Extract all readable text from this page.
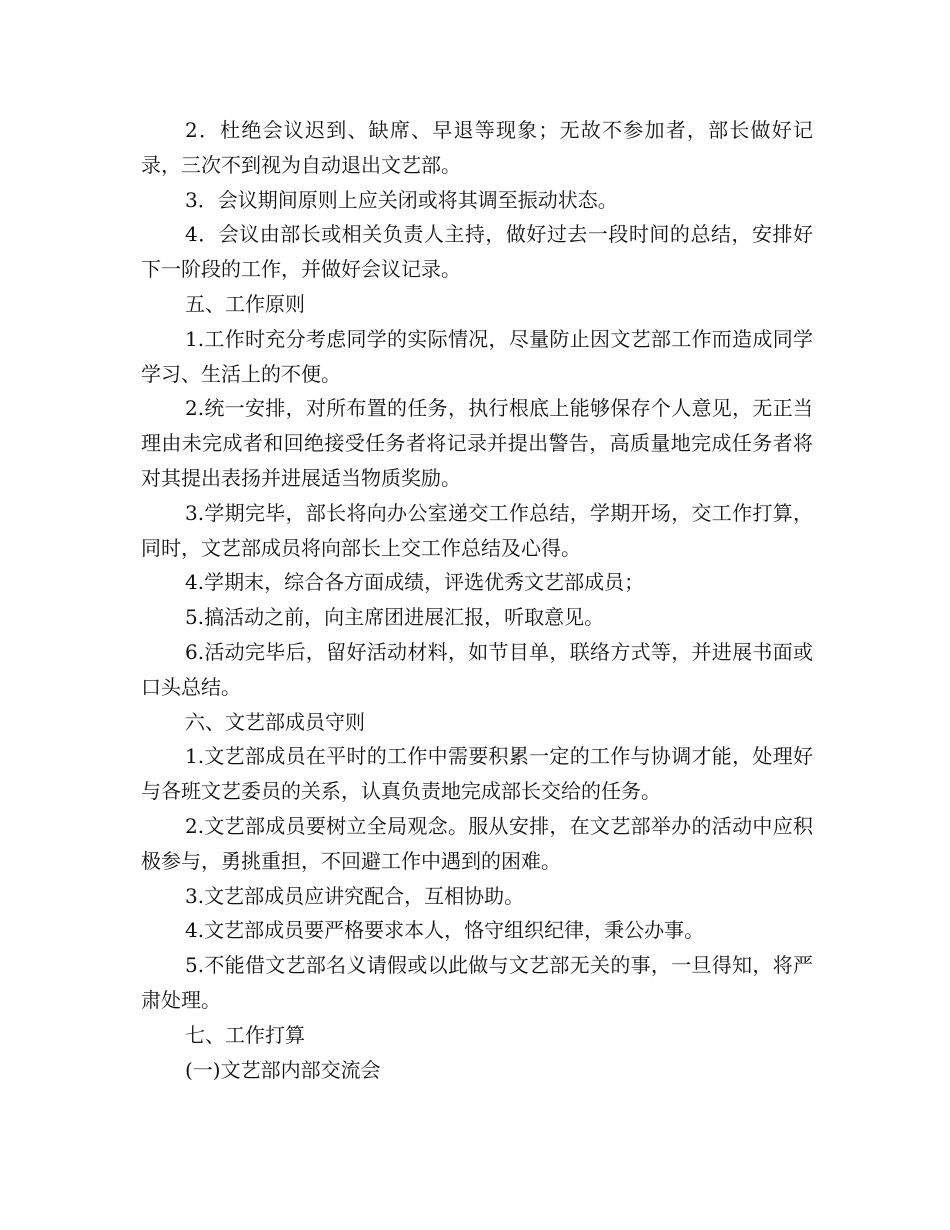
2．杜绝会议迟到、缺席、早退等现象；无故不参加者，部长做好记录，三次不到视为自动退出文艺部。

3．会议期间原则上应关闭或将其调至振动状态。

4．会议由部长或相关负责人主持，做好过去一段时间的总结，安排好下一阶段的工作，并做好会议记录。

五、工作原则

1.工作时充分考虑同学的实际情况，尽量防止因文艺部工作而造成同学学习、生活上的不便。

2.统一安排，对所布置的任务，执行根底上能够保存个人意见，无正当理由未完成者和回绝接受任务者将记录并提出警告，高质量地完成任务者将对其提出表扬并进展适当物质奖励。

3.学期完毕，部长将向办公室递交工作总结，学期开场，交工作打算，同时，文艺部成员将向部长上交工作总结及心得。

4.学期末，综合各方面成绩，评选优秀文艺部成员；

5.搞活动之前，向主席团进展汇报，听取意见。

6.活动完毕后，留好活动材料，如节目单，联络方式等，并进展书面或口头总结。

六、文艺部成员守则

1.文艺部成员在平时的工作中需要积累一定的工作与协调才能，处理好与各班文艺委员的关系，认真负责地完成部长交给的任务。

2.文艺部成员要树立全局观念。服从安排，在文艺部举办的活动中应积极参与，勇挑重担，不回避工作中遇到的困难。

3.文艺部成员应讲究配合，互相协助。

4.文艺部成员要严格要求本人，恪守组织纪律，秉公办事。

5.不能借文艺部名义请假或以此做与文艺部无关的事，一旦得知，将严肃处理。

七、工作打算

(一)文艺部内部交流会
